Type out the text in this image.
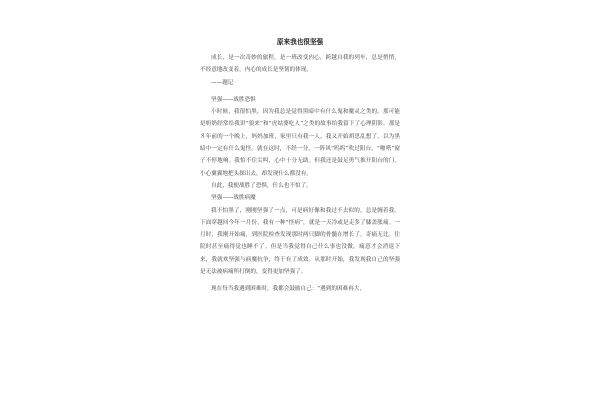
原来我也很坚强

成长，是一次奇妙的旅程，是一班改变内心，跨越自我的列车，总是悄悄，不经意地改变着，内心的成长是坚韧的体现。

——题记

坚强——战胜恐惧

小时候，我很怕黑，因为我总是觉得黑暗中有什么鬼和魔灵之类的。那可能是奶奶经常给我讲“狼来”和“虎姑婆吃人”之类的故事给我留下了心理阴影。那是８年前的一个晚上，妈妈加班，家里只有我一人。我又开始胡思乱想了，以为黑暗中一定有什么鬼怪。就在这时，不经一分，一阵风“呜呜”吹过阳台，“啪嗒”窗子不停地响。我怕不住尖叫，心中十分无助。但我还是鼓足勇气推开阳台的门，小心翼翼地把头探出去，却发现什么都没有。

自此，我便战胜了恐惧，什么也不怕了。

坚强——战胜病魔

我不怕黑了，刚刚坚强了一点，可是病好像和我过不去似的，总是缠着我。下面穿越回今年一月份。我有一种“怪病”，就是一天冷或是走多了膝盖胀痛。一月时，我刚开始痛，到医院检查发现那时两只脚的骨髓在增长了，奇痛无比。住院时甚至痛得觉也睡不了。但是当我觉得自己什么事也没做，痛意才会消退下来，我就欢坚强与病魔抗争，终于有了成效。从那时开始，我发现我自己的坚强是无法被病痛所打倒的，变得更加坚强了。

现在每当我遇到困难时，我都会鼓励自己：“遇到的困难再大，
